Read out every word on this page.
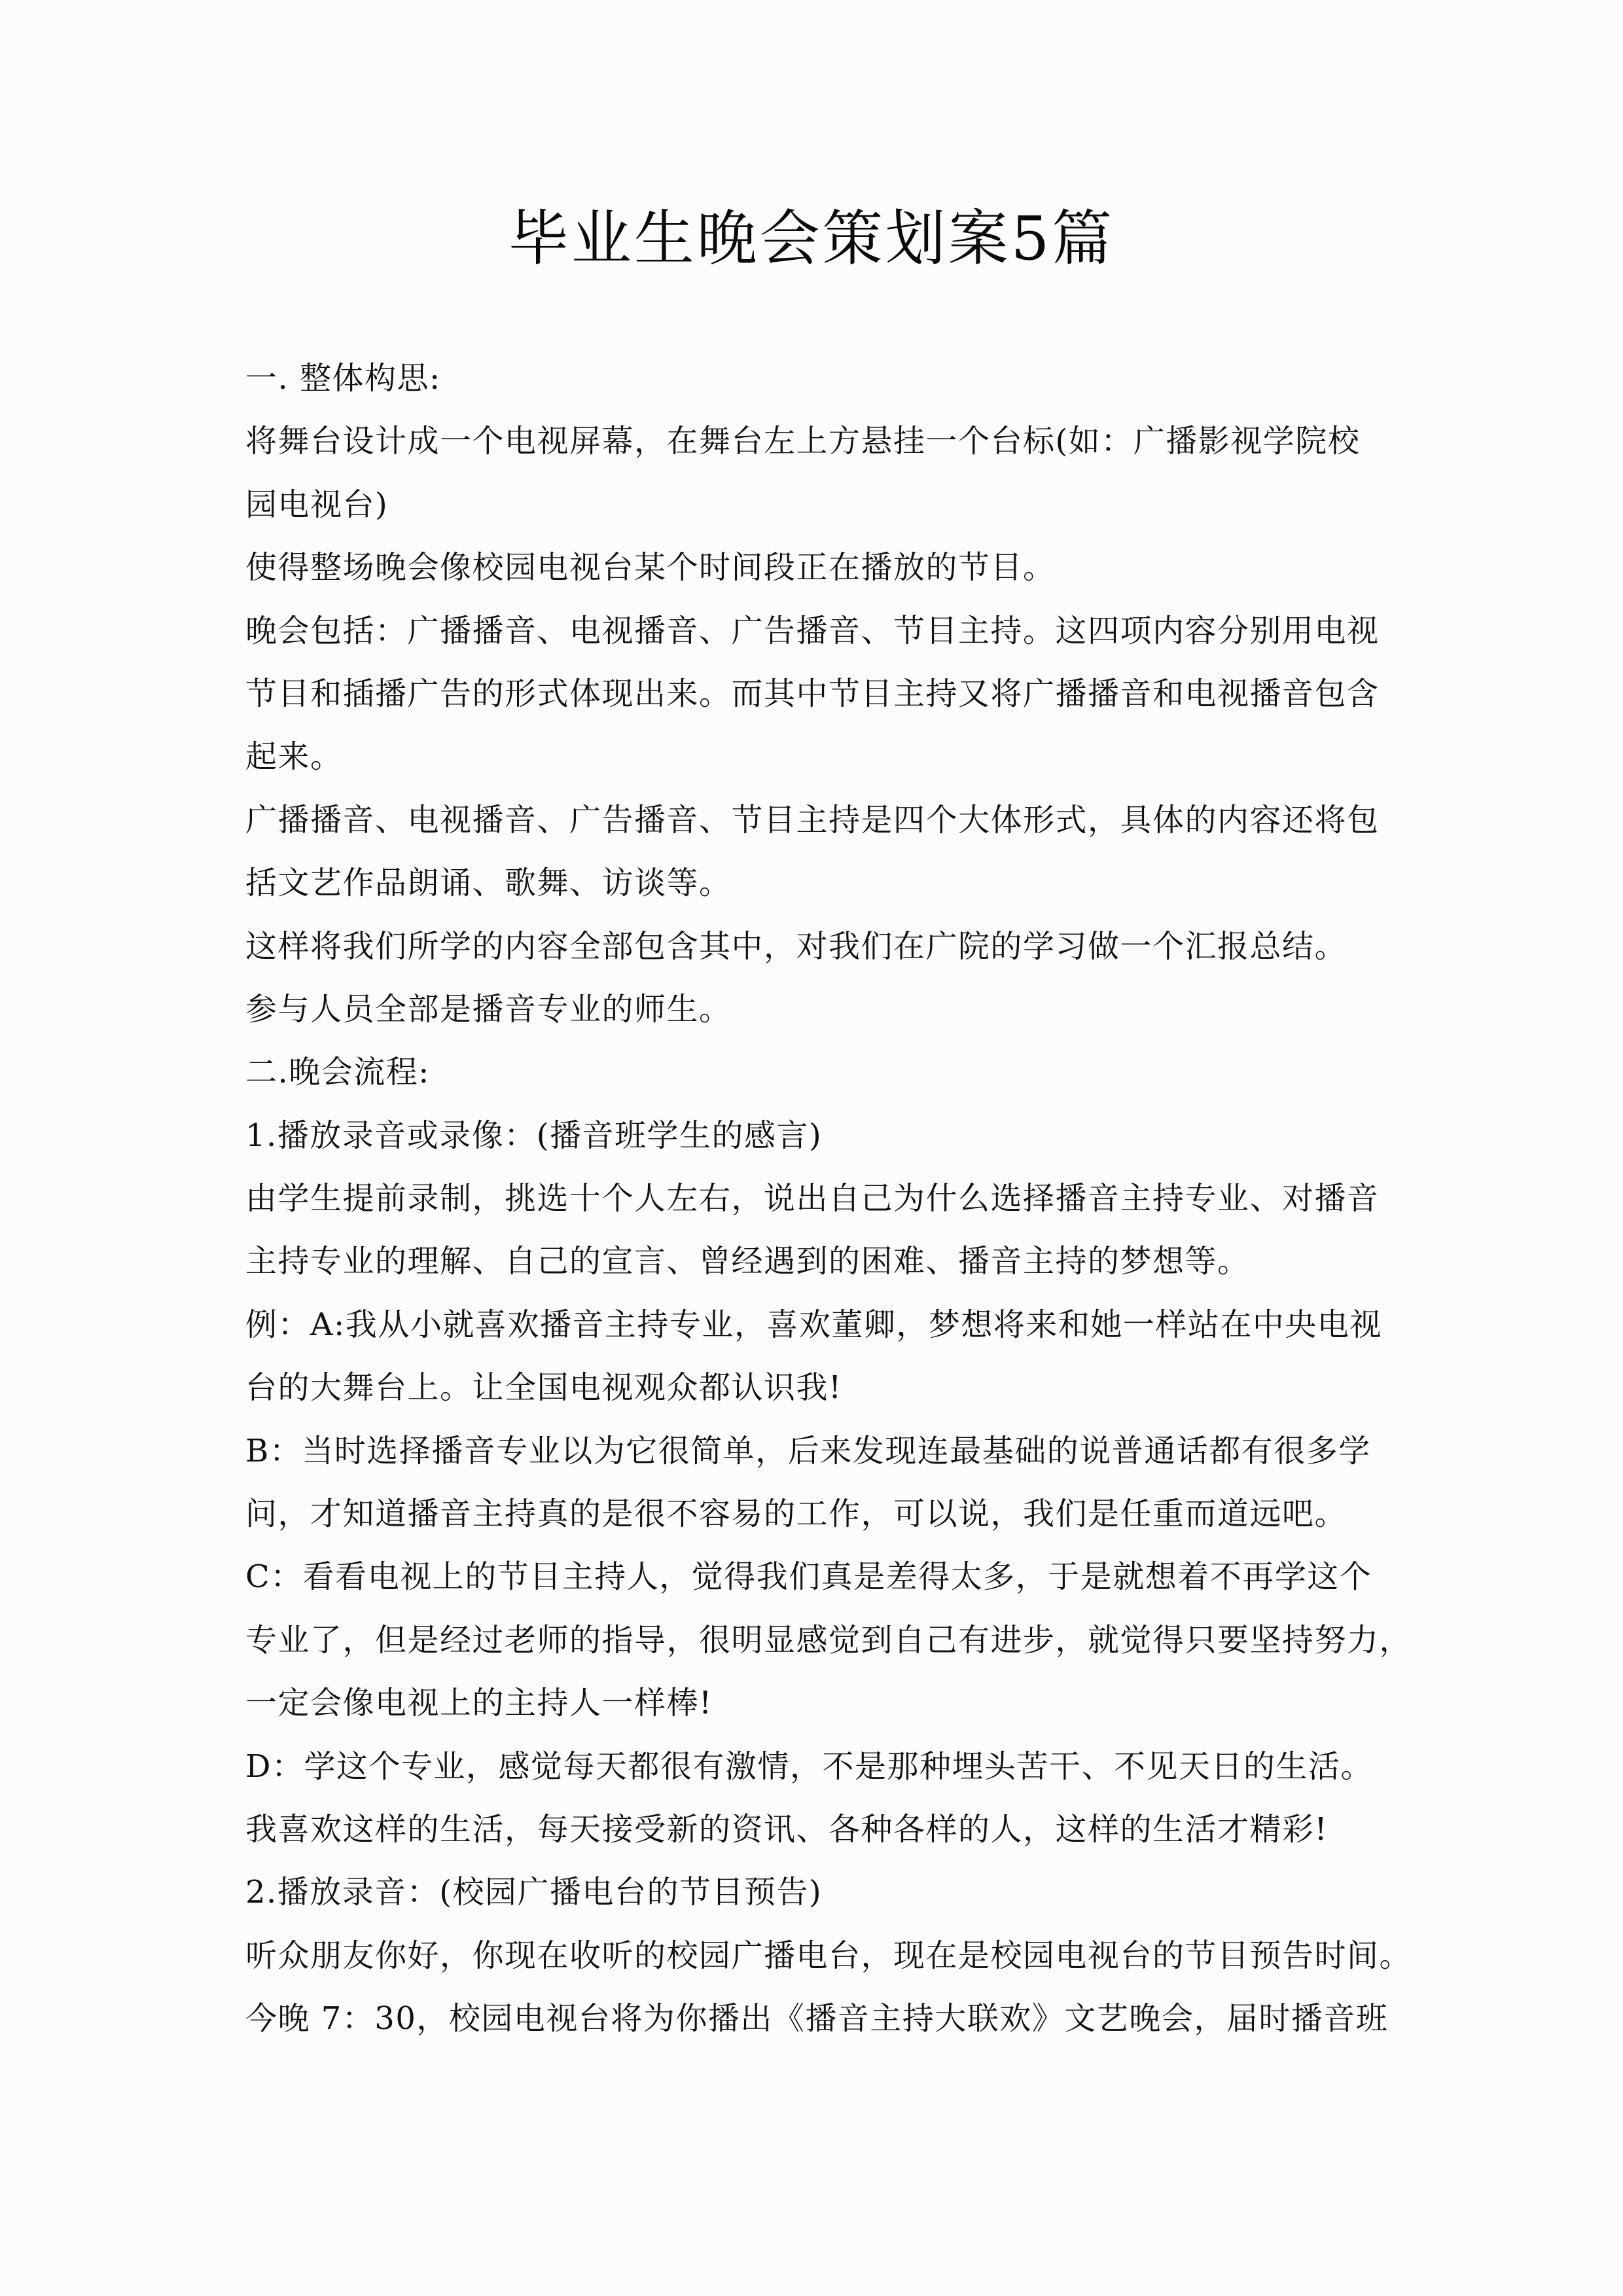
毕业生晚会策划案5篇
一. 整体构思:
将舞台设计成一个电视屏幕，在舞台左上方悬挂一个台标(如：广播影视学院校
园电视台)
使得整场晚会像校园电视台某个时间段正在播放的节目。
晚会包括：广播播音、电视播音、广告播音、节目主持。这四项内容分别用电视
节目和插播广告的形式体现出来。而其中节目主持又将广播播音和电视播音包含
起来。
广播播音、电视播音、广告播音、节目主持是四个大体形式，具体的内容还将包
括文艺作品朗诵、歌舞、访谈等。
这样将我们所学的内容全部包含其中，对我们在广院的学习做一个汇报总结。
参与人员全部是播音专业的师生。
二.晚会流程:
1.播放录音或录像：(播音班学生的感言)
由学生提前录制，挑选十个人左右，说出自己为什么选择播音主持专业、对播音
主持专业的理解、自己的宣言、曾经遇到的困难、播音主持的梦想等。
例：A:我从小就喜欢播音主持专业，喜欢董卿，梦想将来和她一样站在中央电视
台的大舞台上。让全国电视观众都认识我!
B：当时选择播音专业以为它很简单，后来发现连最基础的说普通话都有很多学
问，才知道播音主持真的是很不容易的工作，可以说，我们是任重而道远吧。
C：看看电视上的节目主持人，觉得我们真是差得太多，于是就想着不再学这个
专业了，但是经过老师的指导，很明显感觉到自己有进步，就觉得只要坚持努力，
一定会像电视上的主持人一样棒!
D：学这个专业，感觉每天都很有激情，不是那种埋头苦干、不见天日的生活。
我喜欢这样的生活，每天接受新的资讯、各种各样的人，这样的生活才精彩!
2.播放录音：(校园广播电台的节目预告)
听众朋友你好，你现在收听的校园广播电台，现在是校园电视台的节目预告时间。
今晚 7：30，校园电视台将为你播出《播音主持大联欢》文艺晚会，届时播音班
